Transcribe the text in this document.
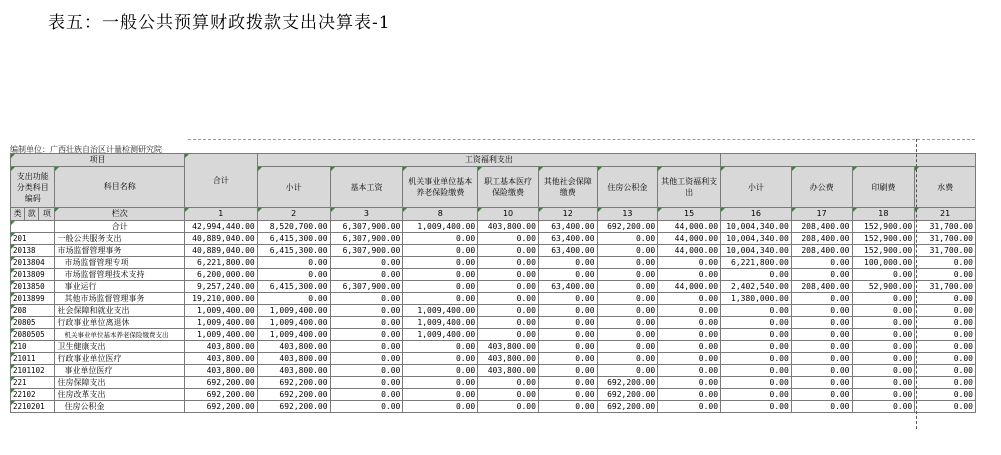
表五：一般公共预算财政拨款支出决算表-1
编制单位：广西壮族自治区计量检测研究院
项目				合计	工资福利支出										
支出功能分类科目编码			科目名称		小计	基本工资	机关事业单位基本养老保险缴费	职工基本医疗保险缴费	其他社会保障缴费	住房公积金	其他工资福利支出	小计	办公费	印刷费	水费
类	款	项	栏次	1	2	3	8	10	12	13	15	16	17	18	21
			合计	42,994,440.00	8,520,700.00	6,307,900.00	1,009,400.00	403,800.00	63,400.00	692,200.00	44,000.00	10,004,340.00	208,400.00	152,900.00	31,700.00
201			一般公共服务支出	40,889,040.00	6,415,300.00	6,307,900.00	0.00	0.00	63,400.00	0.00	44,000.00	10,004,340.00	208,400.00	152,900.00	31,700.00
20138			市场监督管理事务	40,889,040.00	6,415,300.00	6,307,900.00	0.00	0.00	63,400.00	0.00	44,000.00	10,004,340.00	208,400.00	152,900.00	31,700.00
2013804			市场监督管理专项	6,221,800.00	0.00	0.00	0.00	0.00	0.00	0.00	0.00	6,221,800.00	0.00	100,000.00	0.00
2013809			市场监督管理技术支持	6,200,000.00	0.00	0.00	0.00	0.00	0.00	0.00	0.00	0.00	0.00	0.00	0.00
2013850			事业运行	9,257,240.00	6,415,300.00	6,307,900.00	0.00	0.00	63,400.00	0.00	44,000.00	2,402,540.00	208,400.00	52,900.00	31,700.00
2013899			其他市场监督管理事务	19,210,000.00	0.00	0.00	0.00	0.00	0.00	0.00	0.00	1,380,000.00	0.00	0.00	0.00
208			社会保障和就业支出	1,009,400.00	1,009,400.00	0.00	1,009,400.00	0.00	0.00	0.00	0.00	0.00	0.00	0.00	0.00
20805			行政事业单位离退休	1,009,400.00	1,009,400.00	0.00	1,009,400.00	0.00	0.00	0.00	0.00	0.00	0.00	0.00	0.00
2080505			机关事业单位基本养老保险缴费支出	1,009,400.00	1,009,400.00	0.00	1,009,400.00	0.00	0.00	0.00	0.00	0.00	0.00	0.00	0.00
210			卫生健康支出	403,800.00	403,800.00	0.00	0.00	403,800.00	0.00	0.00	0.00	0.00	0.00	0.00	0.00
21011			行政事业单位医疗	403,800.00	403,800.00	0.00	0.00	403,800.00	0.00	0.00	0.00	0.00	0.00	0.00	0.00
2101102			事业单位医疗	403,800.00	403,800.00	0.00	0.00	403,800.00	0.00	0.00	0.00	0.00	0.00	0.00	0.00
221			住房保障支出	692,200.00	692,200.00	0.00	0.00	0.00	0.00	692,200.00	0.00	0.00	0.00	0.00	0.00
22102			住房改革支出	692,200.00	692,200.00	0.00	0.00	0.00	0.00	692,200.00	0.00	0.00	0.00	0.00	0.00
2210201			住房公积金	692,200.00	692,200.00	0.00	0.00	0.00	0.00	692,200.00	0.00	0.00	0.00	0.00	0.00
